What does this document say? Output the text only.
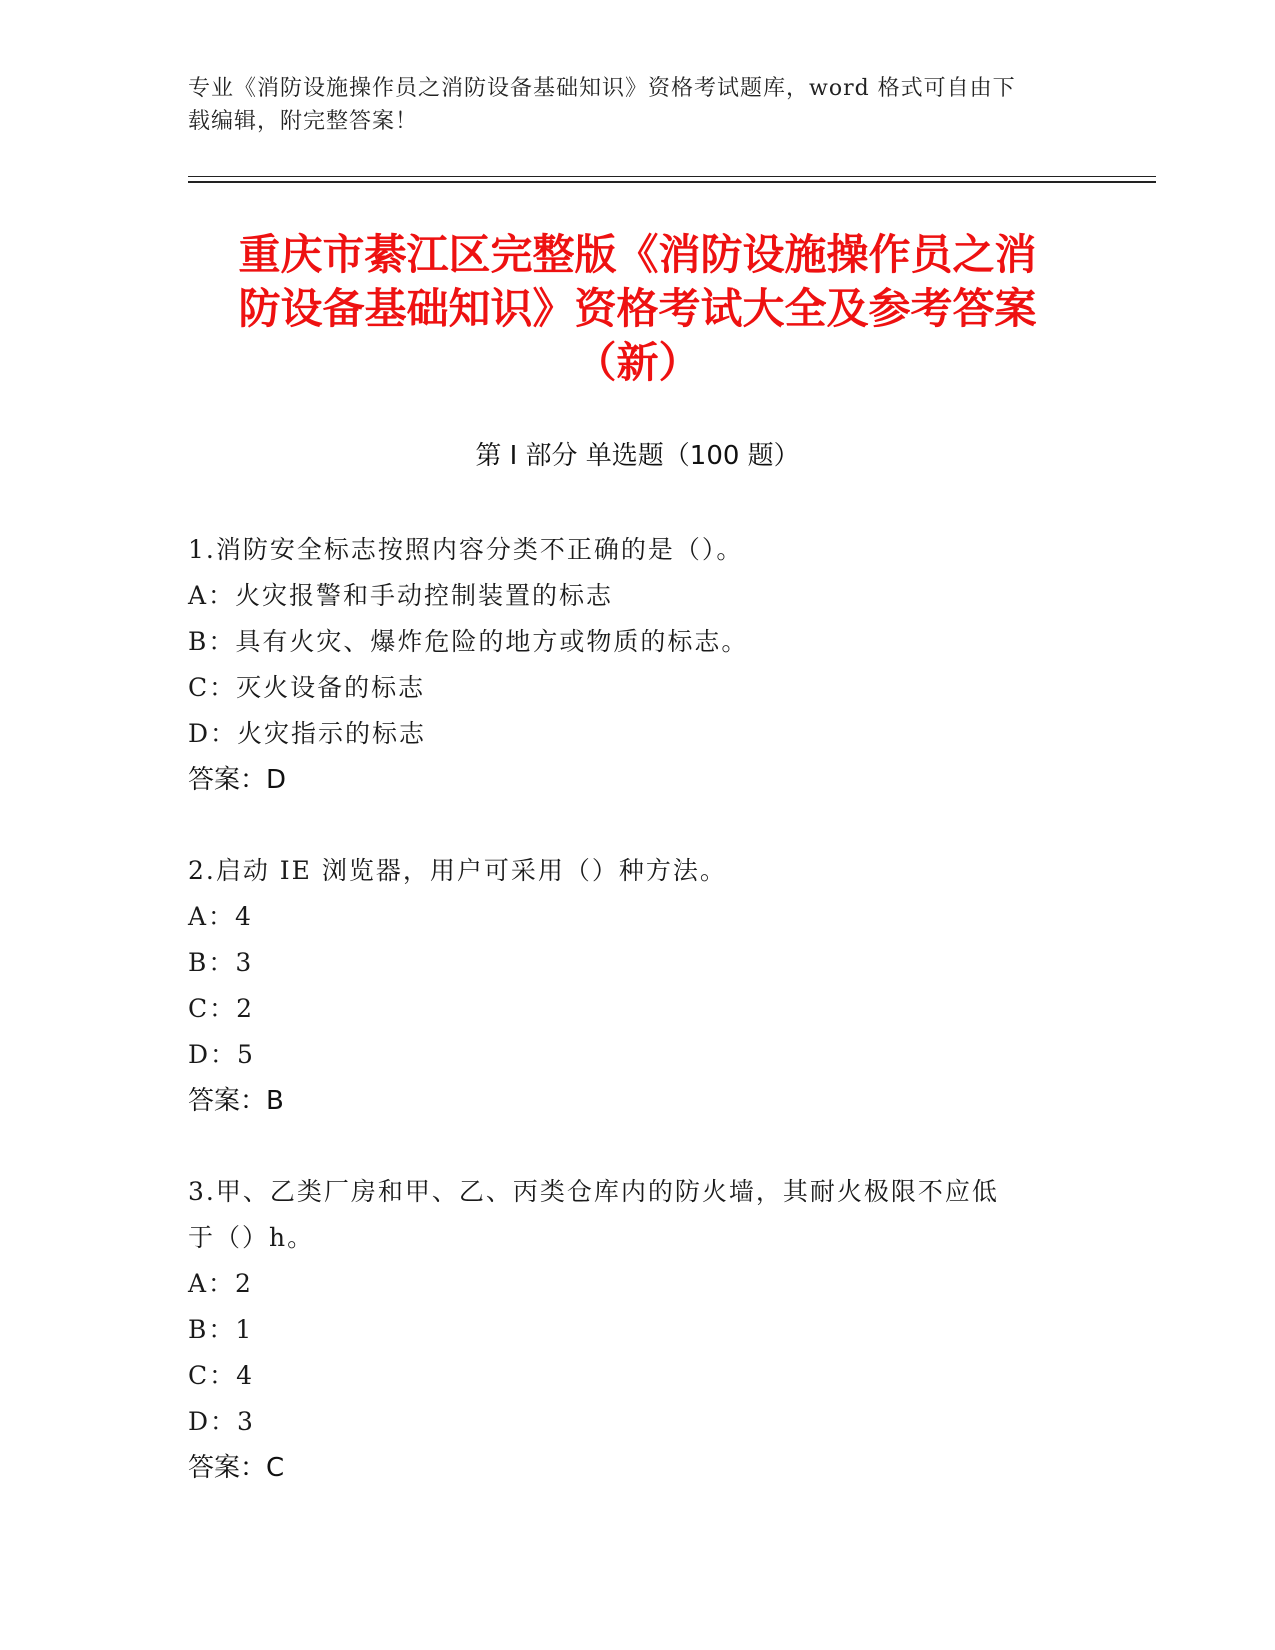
专业《消防设施操作员之消防设备基础知识》资格考试题库，word 格式可自由下
载编辑，附完整答案！
重庆市綦江区完整版《消防设施操作员之消
防设备基础知识》资格考试大全及参考答案
（新）
第 I 部分 单选题（100 题）
1.消防安全标志按照内容分类不正确的是（）。
A：火灾报警和手动控制装置的标志
B：具有火灾、爆炸危险的地方或物质的标志。
C：灭火设备的标志
D：火灾指示的标志
答案：D
2.启动 IE 浏览器，用户可采用（）种方法。
A：4
B：3
C：2
D：5
答案：B
3.甲、乙类厂房和甲、乙、丙类仓库内的防火墙，其耐火极限不应低
于（）h。
A：2
B：1
C：4
D：3
答案：C
